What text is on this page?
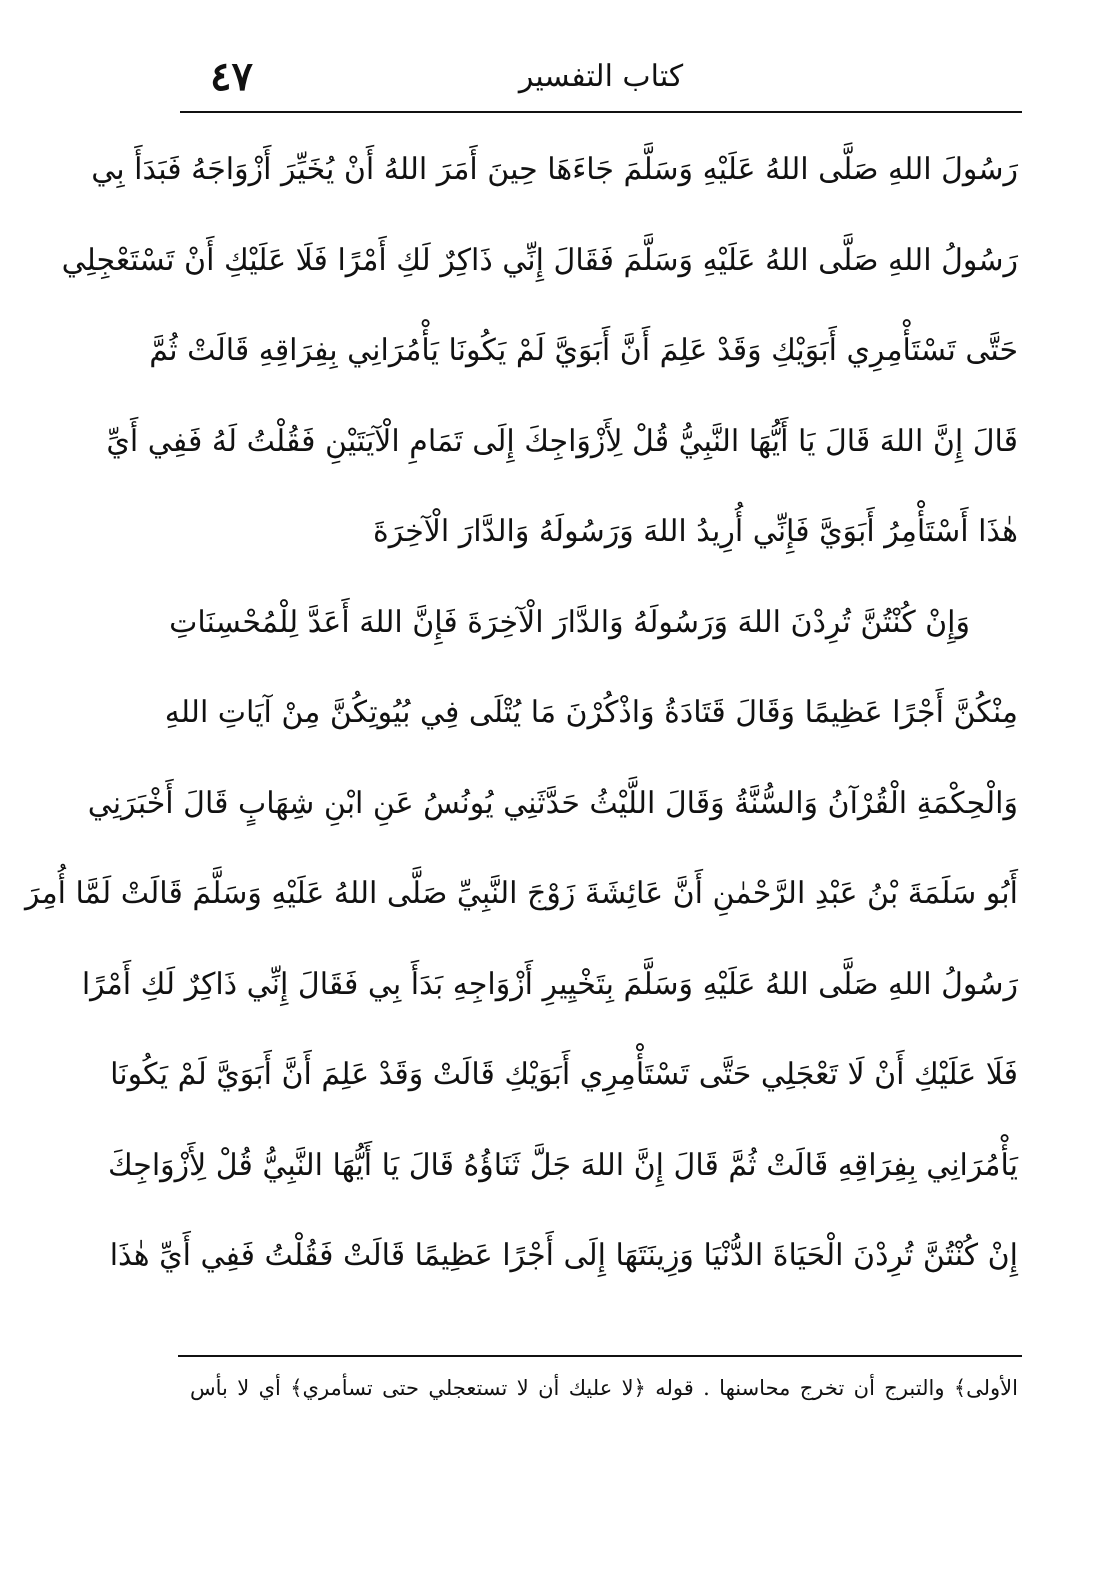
٤٧	كتاب التفسير
رَسُولَ اللهِ صَلَّى اللهُ عَلَيْهِ وَسَلَّمَ جَاءَهَا حِينَ أَمَرَ اللهُ أَنْ يُخَيِّرَ أَزْوَاجَهُ فَبَدَأَ بِي
رَسُولُ اللهِ صَلَّى اللهُ عَلَيْهِ وَسَلَّمَ فَقَالَ إِنِّي ذَاكِرٌ لَكِ أَمْرًا فَلَا عَلَيْكِ أَنْ تَسْتَعْجِلِي
حَتَّى تَسْتَأْمِرِي أَبَوَيْكِ وَقَدْ عَلِمَ أَنَّ أَبَوَيَّ لَمْ يَكُونَا يَأْمُرَانِي بِفِرَاقِهِ قَالَتْ ثُمَّ
قَالَ إِنَّ اللهَ قَالَ يَا أَيُّهَا النَّبِيُّ قُلْ لِأَزْوَاجِكَ إِلَى تَمَامِ الْآيَتَيْنِ فَقُلْتُ لَهُ فَفِي أَيِّ
هٰذَا أَسْتَأْمِرُ أَبَوَيَّ فَإِنِّي أُرِيدُ اللهَ وَرَسُولَهُ وَالدَّارَ الْآخِرَةَ
وَإِنْ كُنْتُنَّ تُرِدْنَ اللهَ وَرَسُولَهُ وَالدَّارَ الْآخِرَةَ فَإِنَّ اللهَ أَعَدَّ لِلْمُحْسِنَاتِ
مِنْكُنَّ أَجْرًا عَظِيمًا وَقَالَ قَتَادَةُ وَاذْكُرْنَ مَا يُتْلَى فِي بُيُوتِكُنَّ مِنْ آيَاتِ اللهِ
وَالْحِكْمَةِ الْقُرْآنُ وَالسُّنَّةُ وَقَالَ اللَّيْثُ حَدَّثَنِي يُونُسُ عَنِ ابْنِ شِهَابٍ قَالَ أَخْبَرَنِي
أَبُو سَلَمَةَ بْنُ عَبْدِ الرَّحْمٰنِ أَنَّ عَائِشَةَ زَوْجَ النَّبِيِّ صَلَّى اللهُ عَلَيْهِ وَسَلَّمَ قَالَتْ لَمَّا أُمِرَ
رَسُولُ اللهِ صَلَّى اللهُ عَلَيْهِ وَسَلَّمَ بِتَخْيِيرِ أَزْوَاجِهِ بَدَأَ بِي فَقَالَ إِنِّي ذَاكِرٌ لَكِ أَمْرًا
فَلَا عَلَيْكِ أَنْ لَا تَعْجَلِي حَتَّى تَسْتَأْمِرِي أَبَوَيْكِ قَالَتْ وَقَدْ عَلِمَ أَنَّ أَبَوَيَّ لَمْ يَكُونَا
يَأْمُرَانِي بِفِرَاقِهِ قَالَتْ ثُمَّ قَالَ إِنَّ اللهَ جَلَّ ثَنَاؤُهُ قَالَ يَا أَيُّهَا النَّبِيُّ قُلْ لِأَزْوَاجِكَ
إِنْ كُنْتُنَّ تُرِدْنَ الْحَيَاةَ الدُّنْيَا وَزِينَتَهَا إِلَى أَجْرًا عَظِيمًا قَالَتْ فَقُلْتُ فَفِي أَيِّ هٰذَا
الأولى﴾ والتبرج أن تخرج محاسنها . قوله ﴿لا عليك أن لا تستعجلي حتى تسأمري﴾ أي لا بأس
